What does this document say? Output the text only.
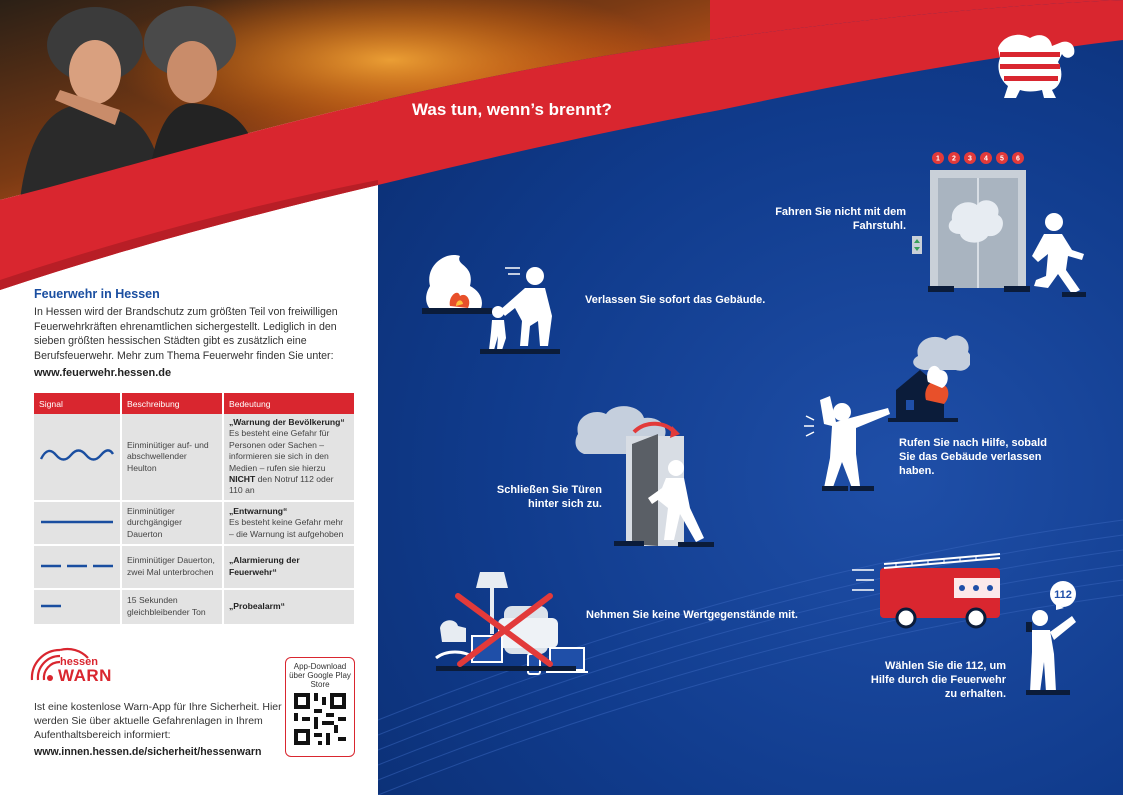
Was tun, wenn’s brennt?
Feuerwehr in Hessen
In Hessen wird der Brandschutz zum größten Teil von freiwilligen Feuerwehrkräften ehrenamtlichen sichergestellt. Lediglich in den sieben größten hessischen Städten gibt es zusätzlich eine Berufsfeuerwehr. Mehr zum Thema Feuerwehr finden Sie unter:
www.feuerwehr.hessen.de
Signal	Beschreibung	Bedeutung
	Einminütiger auf- und abschwellender Heulton	„Warnung der Bevölkerung“
Es besteht eine Gefahr für Personen oder Sachen – informieren sie sich in den Medien – rufen sie hierzu NICHT den Notruf 112 oder 110 an
	Einminütiger durchgängiger Dauerton	„Entwarnung“
Es besteht keine Gefahr mehr – die Warnung ist aufgehoben
	Einminütiger Dauerton, zwei Mal unterbrochen	„Alarmierung der Feuerwehr“
	15 Sekunden gleichbleibender Ton	„Probealarm“
hessen
WARN
Ist eine kostenlose Warn-App für Ihre Sicherheit. Hier werden Sie über aktuelle Gefahrenlagen in Ihrem Aufenthaltsbereich informiert:
www.innen.hessen.de/sicherheit/hessenwarn
App-Download über Google Play Store
Verlassen Sie sofort das Gebäude.
1 2 3 4 5 6
Fahren Sie nicht mit dem Fahrstuhl.
Schließen Sie Türen hinter sich zu.
Rufen Sie nach Hilfe, sobald Sie das Gebäude verlassen haben.
Nehmen Sie keine Wertgegenstände mit.
112
Wählen Sie die 112, um Hilfe durch die Feuerwehr zu erhalten.
